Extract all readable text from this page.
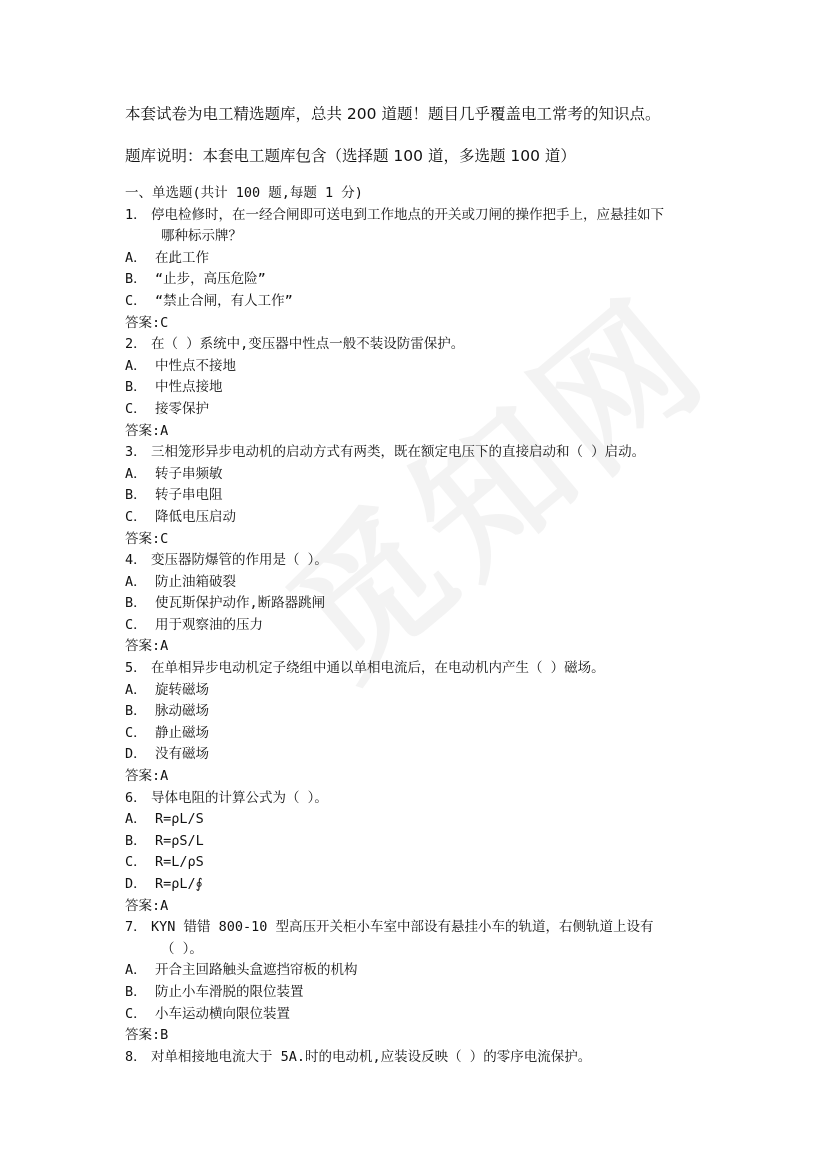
本套试卷为电工精选题库，总共 200 道题！题目几乎覆盖电工常考的知识点。
题库说明：本套电工题库包含（选择题 100 道，多选题 100 道）
一、单选题(共计 100 题,每题 1 分)
1． 停电检修时，在一经合闸即可送电到工作地点的开关或刀闸的操作把手上，应悬挂如下
哪种标示牌？
A． 在此工作
B． “止步，高压危险”
C． “禁止合闸，有人工作”
答案:C
2． 在（ ）系统中,变压器中性点一般不装设防雷保护。
A． 中性点不接地
B． 中性点接地
C． 接零保护
答案:A
3． 三相笼形异步电动机的启动方式有两类，既在额定电压下的直接启动和（ ）启动。
A． 转子串频敏
B． 转子串电阻
C． 降低电压启动
答案:C
4． 变压器防爆管的作用是（ ）。
A． 防止油箱破裂
B． 使瓦斯保护动作,断路器跳闸
C． 用于观察油的压力
答案:A
5． 在单相异步电动机定子绕组中通以单相电流后，在电动机内产生（ ）磁场。
A． 旋转磁场
B． 脉动磁场
C． 静止磁场
D． 没有磁场
答案:A
6． 导体电阻的计算公式为（ ）。
A． R=ρL/S
B． R=ρS/L
C． R=L/ρS
D． R=ρL/∮
答案:A
7． KYN 错错 800-10 型高压开关柜小车室中部设有悬挂小车的轨道，右侧轨道上设有
（ ）。
A． 开合主回路触头盒遮挡帘板的机构
B． 防止小车滑脱的限位装置
C． 小车运动横向限位装置
答案:B
8． 对单相接地电流大于 5A.时的电动机,应装设反映（ ）的零序电流保护。
